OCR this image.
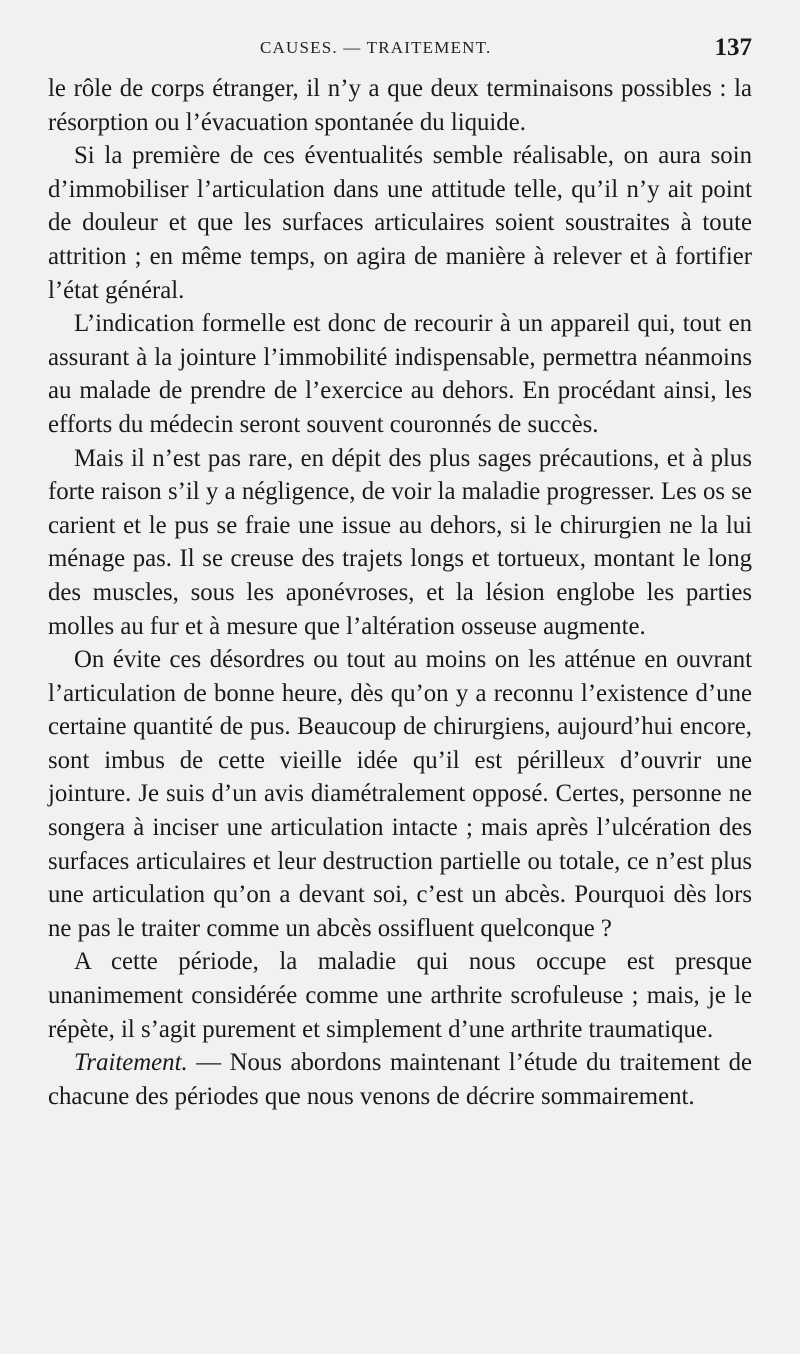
CAUSES. — TRAITEMENT.	137

le rôle de corps étranger, il n’y a que deux terminaisons possibles : la résorption ou l’évacuation spontanée du liquide.

Si la première de ces éventualités semble réalisable, on aura soin d’immobiliser l’articulation dans une attitude telle, qu’il n’y ait point de douleur et que les surfaces articulaires soient soustraites à toute attrition ; en même temps, on agira de manière à relever et à fortifier l’état général.

L’indication formelle est donc de recourir à un appareil qui, tout en assurant à la jointure l’immobilité indispensable, permettra néanmoins au malade de prendre de l’exercice au dehors. En procédant ainsi, les efforts du médecin seront souvent couronnés de succès.

Mais il n’est pas rare, en dépit des plus sages précautions, et à plus forte raison s’il y a négligence, de voir la maladie progresser. Les os se carient et le pus se fraie une issue au dehors, si le chirurgien ne la lui ménage pas. Il se creuse des trajets longs et tortueux, montant le long des muscles, sous les aponévroses, et la lésion englobe les parties molles au fur et à mesure que l’altération osseuse augmente.

On évite ces désordres ou tout au moins on les atténue en ouvrant l’articulation de bonne heure, dès qu’on y a reconnu l’existence d’une certaine quantité de pus. Beaucoup de chirurgiens, aujourd’hui encore, sont imbus de cette vieille idée qu’il est périlleux d’ouvrir une jointure. Je suis d’un avis diamétralement opposé. Certes, personne ne songera à inciser une articulation intacte ; mais après l’ulcération des surfaces articulaires et leur destruction partielle ou totale, ce n’est plus une articulation qu’on a devant soi, c’est un abcès. Pourquoi dès lors ne pas le traiter comme un abcès ossifluent quelconque ?

A cette période, la maladie qui nous occupe est presque unanimement considérée comme une arthrite scrofuleuse ; mais, je le répète, il s’agit purement et simplement d’une arthrite traumatique.

Traitement. — Nous abordons maintenant l’étude du traitement de chacune des périodes que nous venons de décrire sommairement.
